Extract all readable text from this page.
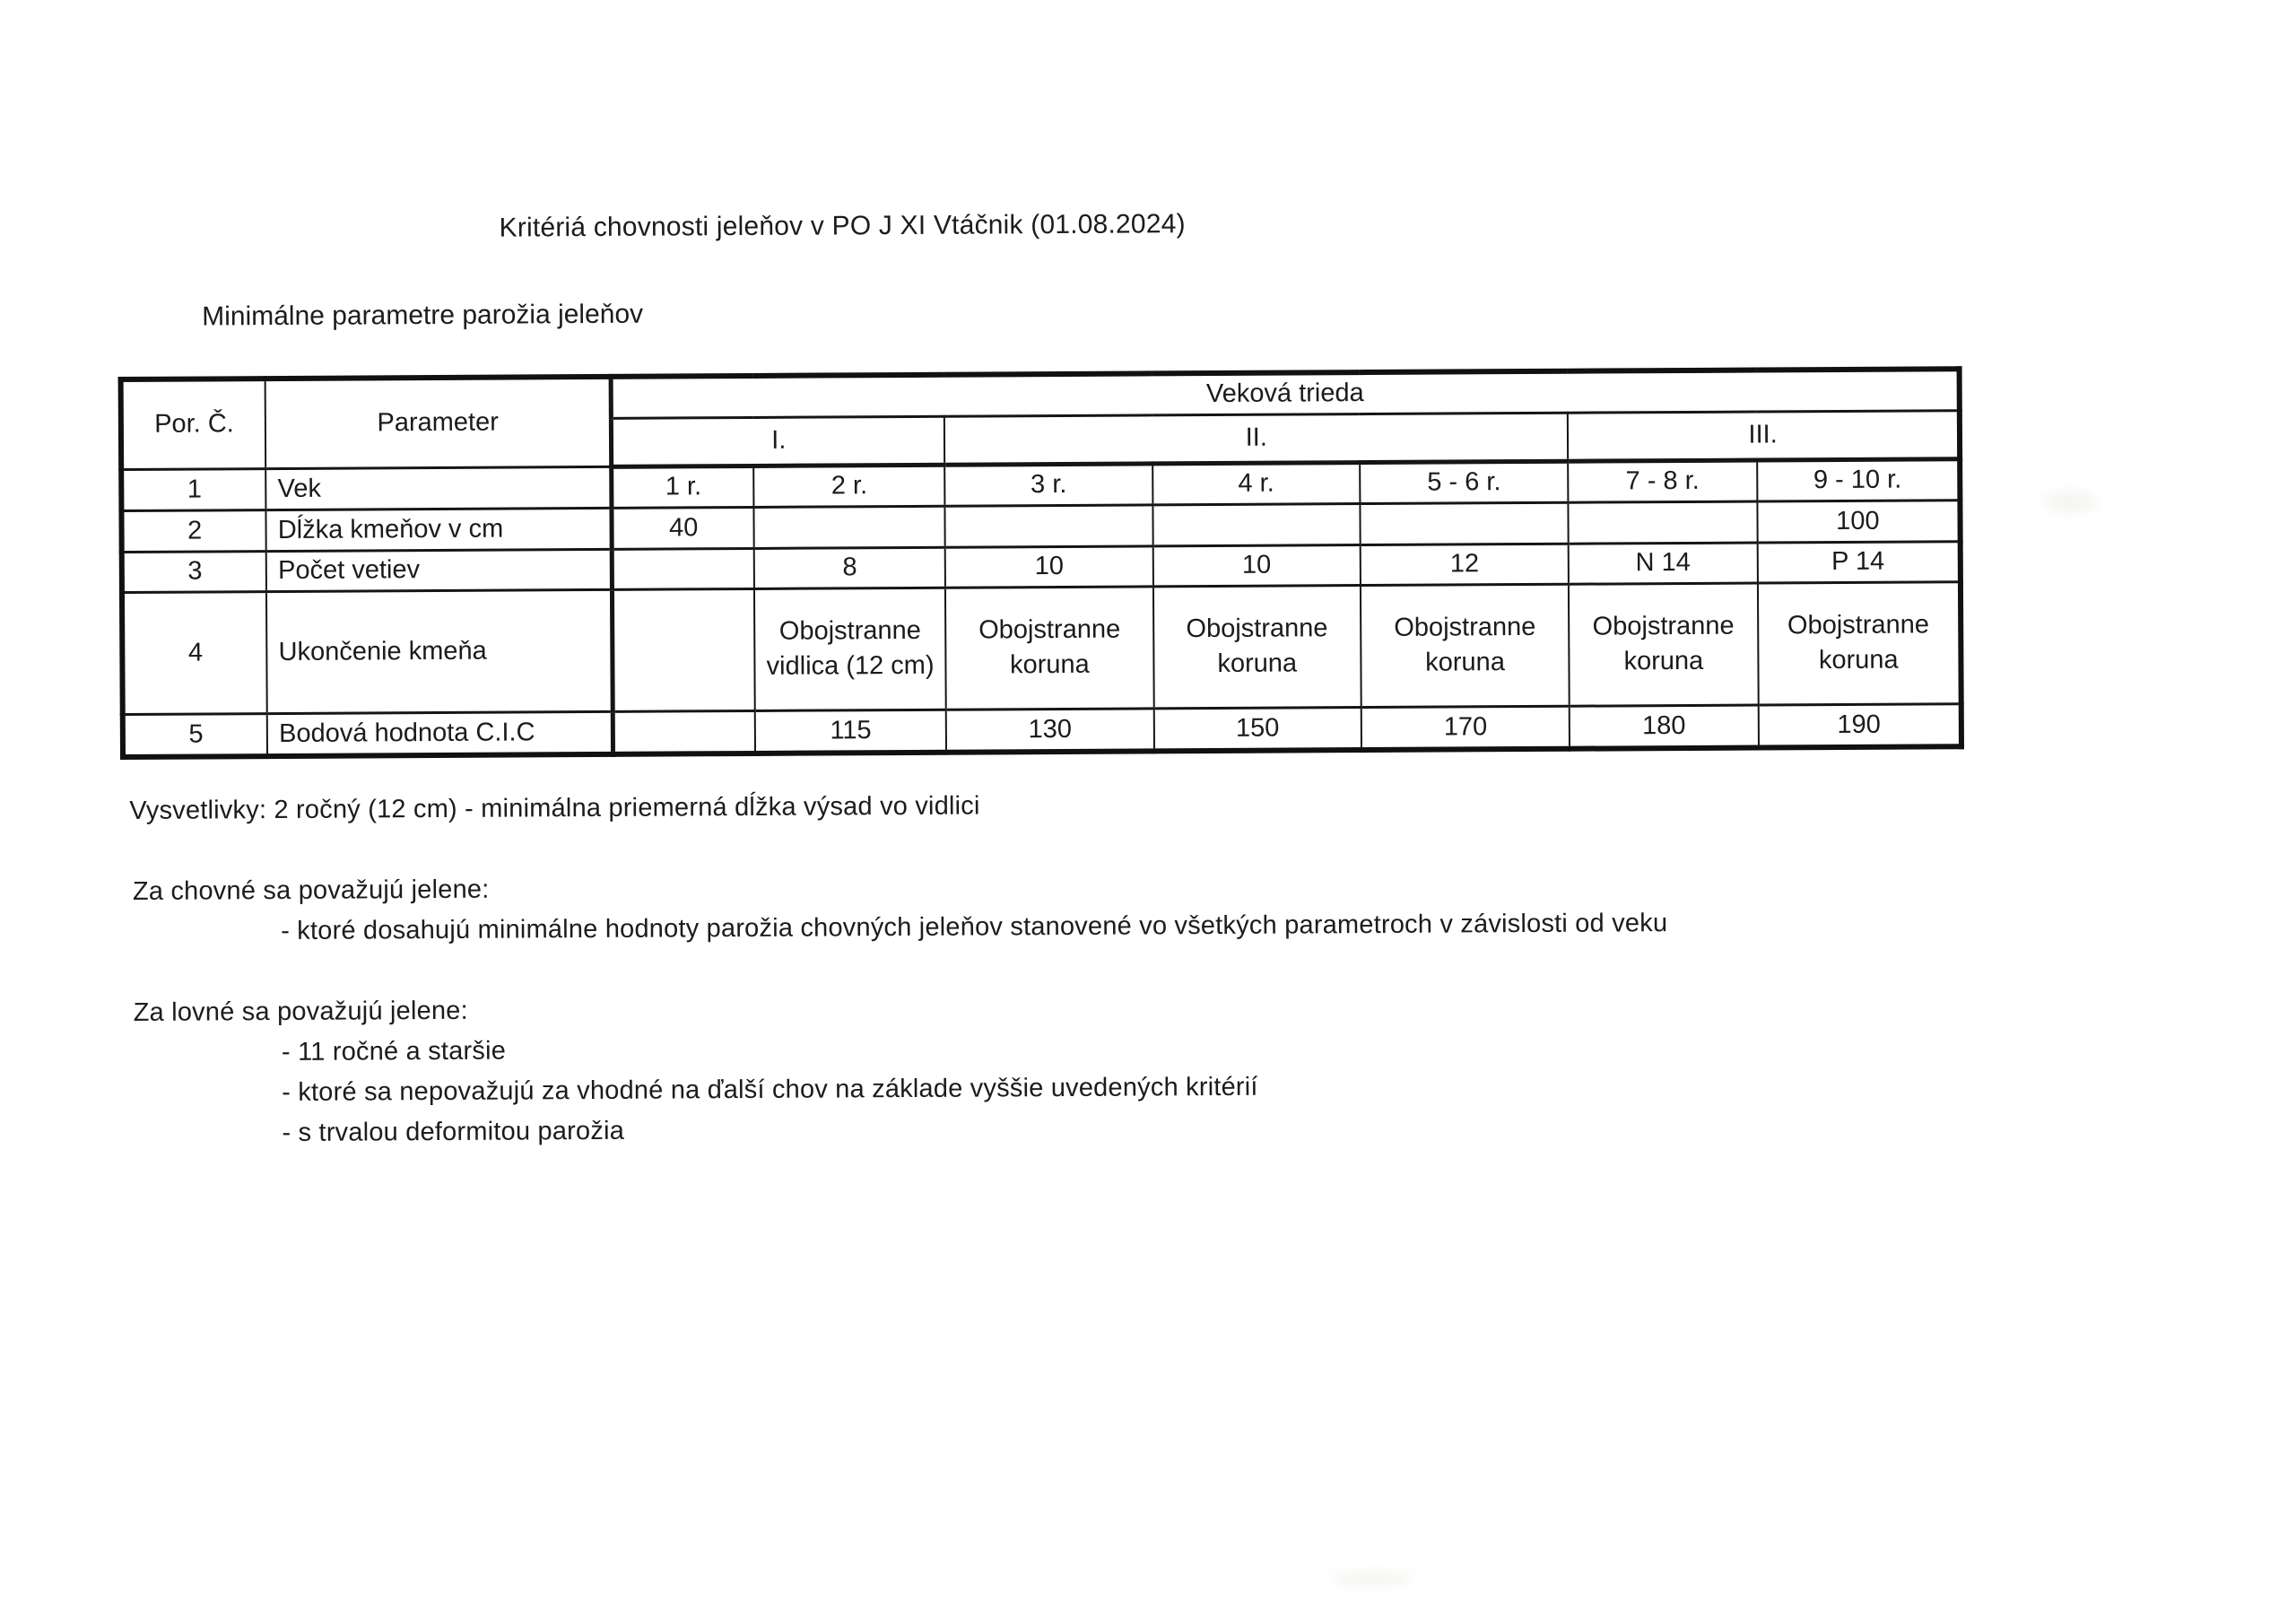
Kritériá chovnosti jeleňov v PO J XI Vtáčnik (01.08.2024)
Minimálne parametre parožia jeleňov
Por. Č.	Parameter	Veková trieda						
		I.		II.			III.	
1	Vek	1 r.	2 r.	3 r.	4 r.	5 - 6 r.	7 - 8 r.	9 - 10 r.
2	Dĺžka kmeňov v cm	40						100
3	Počet vetiev		8	10	10	12	N 14	P 14
4	Ukončenie kmeňa		Obojstranne vidlica (12 cm)	Obojstranne koruna	Obojstranne koruna	Obojstranne koruna	Obojstranne koruna	Obojstranne koruna
5	Bodová hodnota C.I.C		115	130	150	170	180	190
Vysvetlivky: 2 ročný (12 cm) - minimálna priemerná dĺžka výsad vo vidlici
Za chovné sa považujú jelene:
- ktoré dosahujú minimálne hodnoty parožia chovných jeleňov stanovené vo všetkých parametroch v závislosti od veku
Za lovné sa považujú jelene:
- 11 ročné a staršie
- ktoré sa nepovažujú za vhodné na ďalší chov na základe vyššie uvedených kritérií
- s trvalou deformitou parožia
